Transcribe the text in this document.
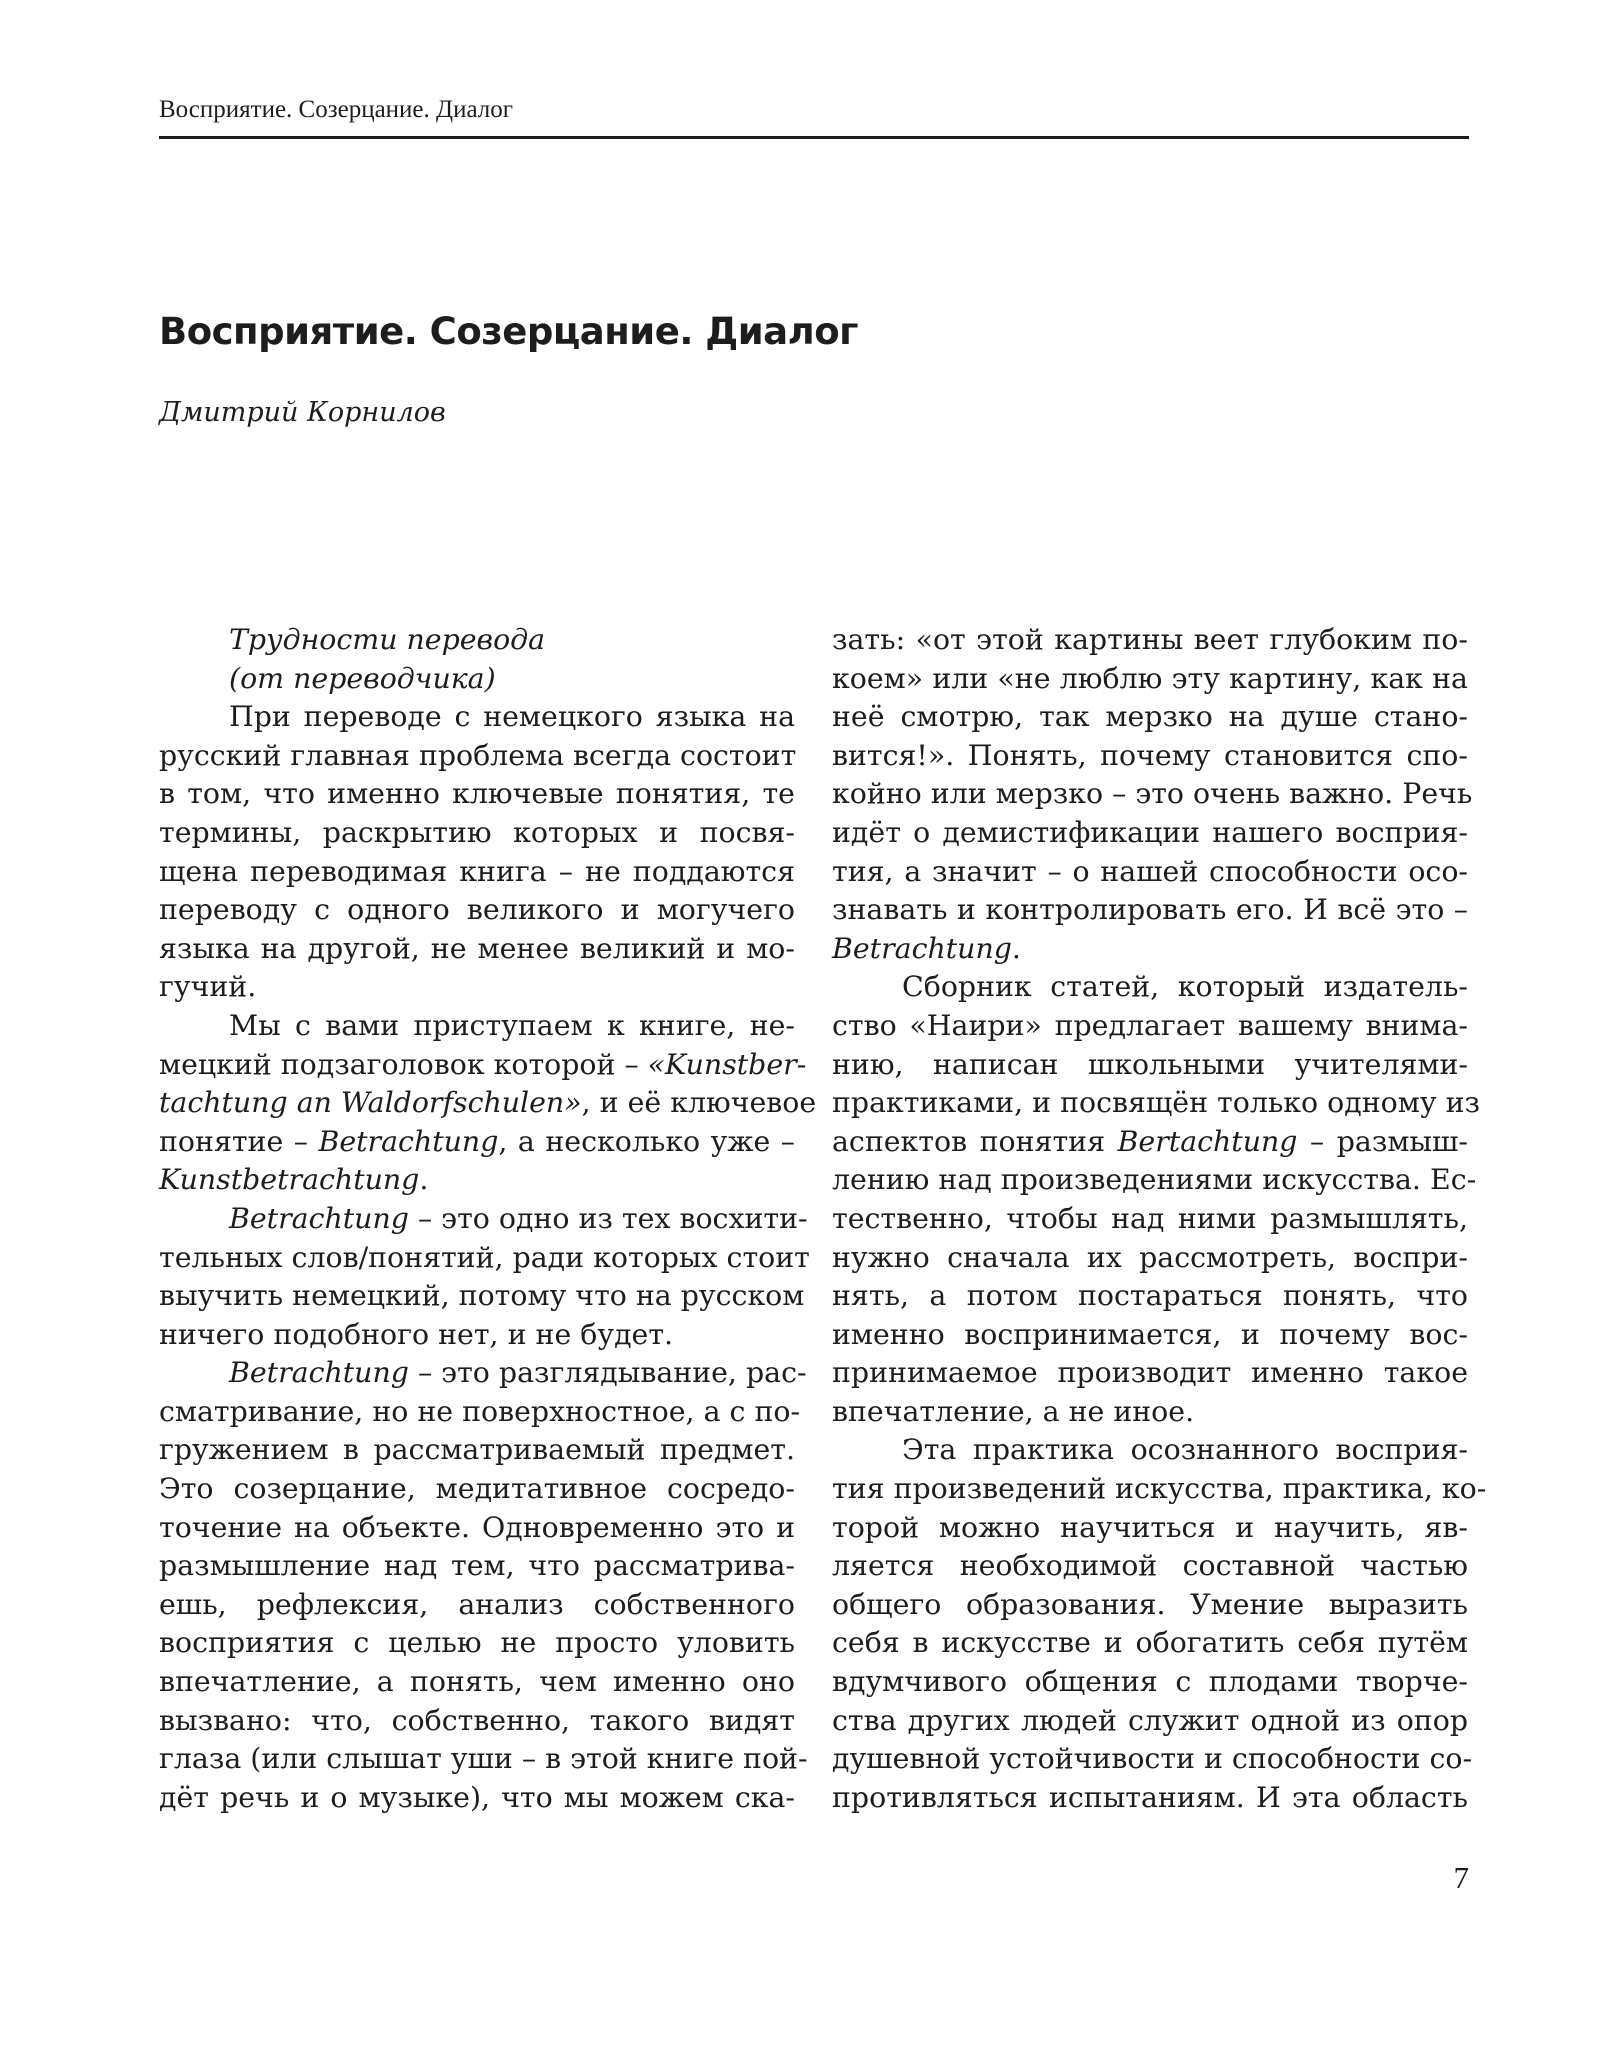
Восприятие. Созерцание. Диалог
Восприятие. Созерцание. Диалог
Дмитрий Корнилов
Трудности перевода
(от переводчика)
При переводе с немецкого языка на
русский главная проблема всегда состоит
в том, что именно ключевые понятия, те
термины, раскрытию которых и посвя-
щена переводимая книга – не поддаются
переводу с одного великого и могучего
языка на другой, не менее великий и мо-
гучий.
Мы с вами приступаем к книге, не-
мецкий подзаголовок которой – «Kunstber-
tachtung an Waldorfschulen», и её ключевое
понятие – Betrachtung, а несколько уже –
Kunstbetrachtung.
Betrachtung – это одно из тех восхити-
тельных слов/понятий, ради которых стоит
выучить немецкий, потому что на русском
ничего подобного нет, и не будет.
Betrachtung – это разглядывание, рас-
сматривание, но не поверхностное, а с по-
гружением в рассматриваемый предмет.
Это созерцание, медитативное сосредо-
точение на объекте. Одновременно это и
размышление над тем, что рассматрива-
ешь, рефлексия, анализ собственного
восприятия с целью не просто уловить
впечатление, а понять, чем именно оно
вызвано: что, собственно, такого видят
глаза (или слышат уши – в этой книге пой-
дёт речь и о музыке), что мы можем ска-
зать: «от этой картины веет глубоким по-
коем» или «не люблю эту картину, как на
неё смотрю, так мерзко на душе стано-
вится!». Понять, почему становится спо-
койно или мерзко – это очень важно. Речь
идёт о демистификации нашего восприя-
тия, а значит – о нашей способности осо-
знавать и контролировать его. И всё это –
Betrachtung.
Сборник статей, который издатель-
ство «Наири» предлагает вашему внима-
нию, написан школьными учителями-
практиками, и посвящён только одному из
аспектов понятия Bertachtung – размыш-
лению над произведениями искусства. Ес-
тественно, чтобы над ними размышлять,
нужно сначала их рассмотреть, воспри-
нять, а потом постараться понять, что
именно воспринимается, и почему вос-
принимаемое производит именно такое
впечатление, а не иное.
Эта практика осознанного восприя-
тия произведений искусства, практика, ко-
торой можно научиться и научить, яв-
ляется необходимой составной частью
общего образования. Умение выразить
себя в искусстве и обогатить себя путём
вдумчивого общения с плодами творче-
ства других людей служит одной из опор
душевной устойчивости и способности со-
противляться испытаниям. И эта область
7
